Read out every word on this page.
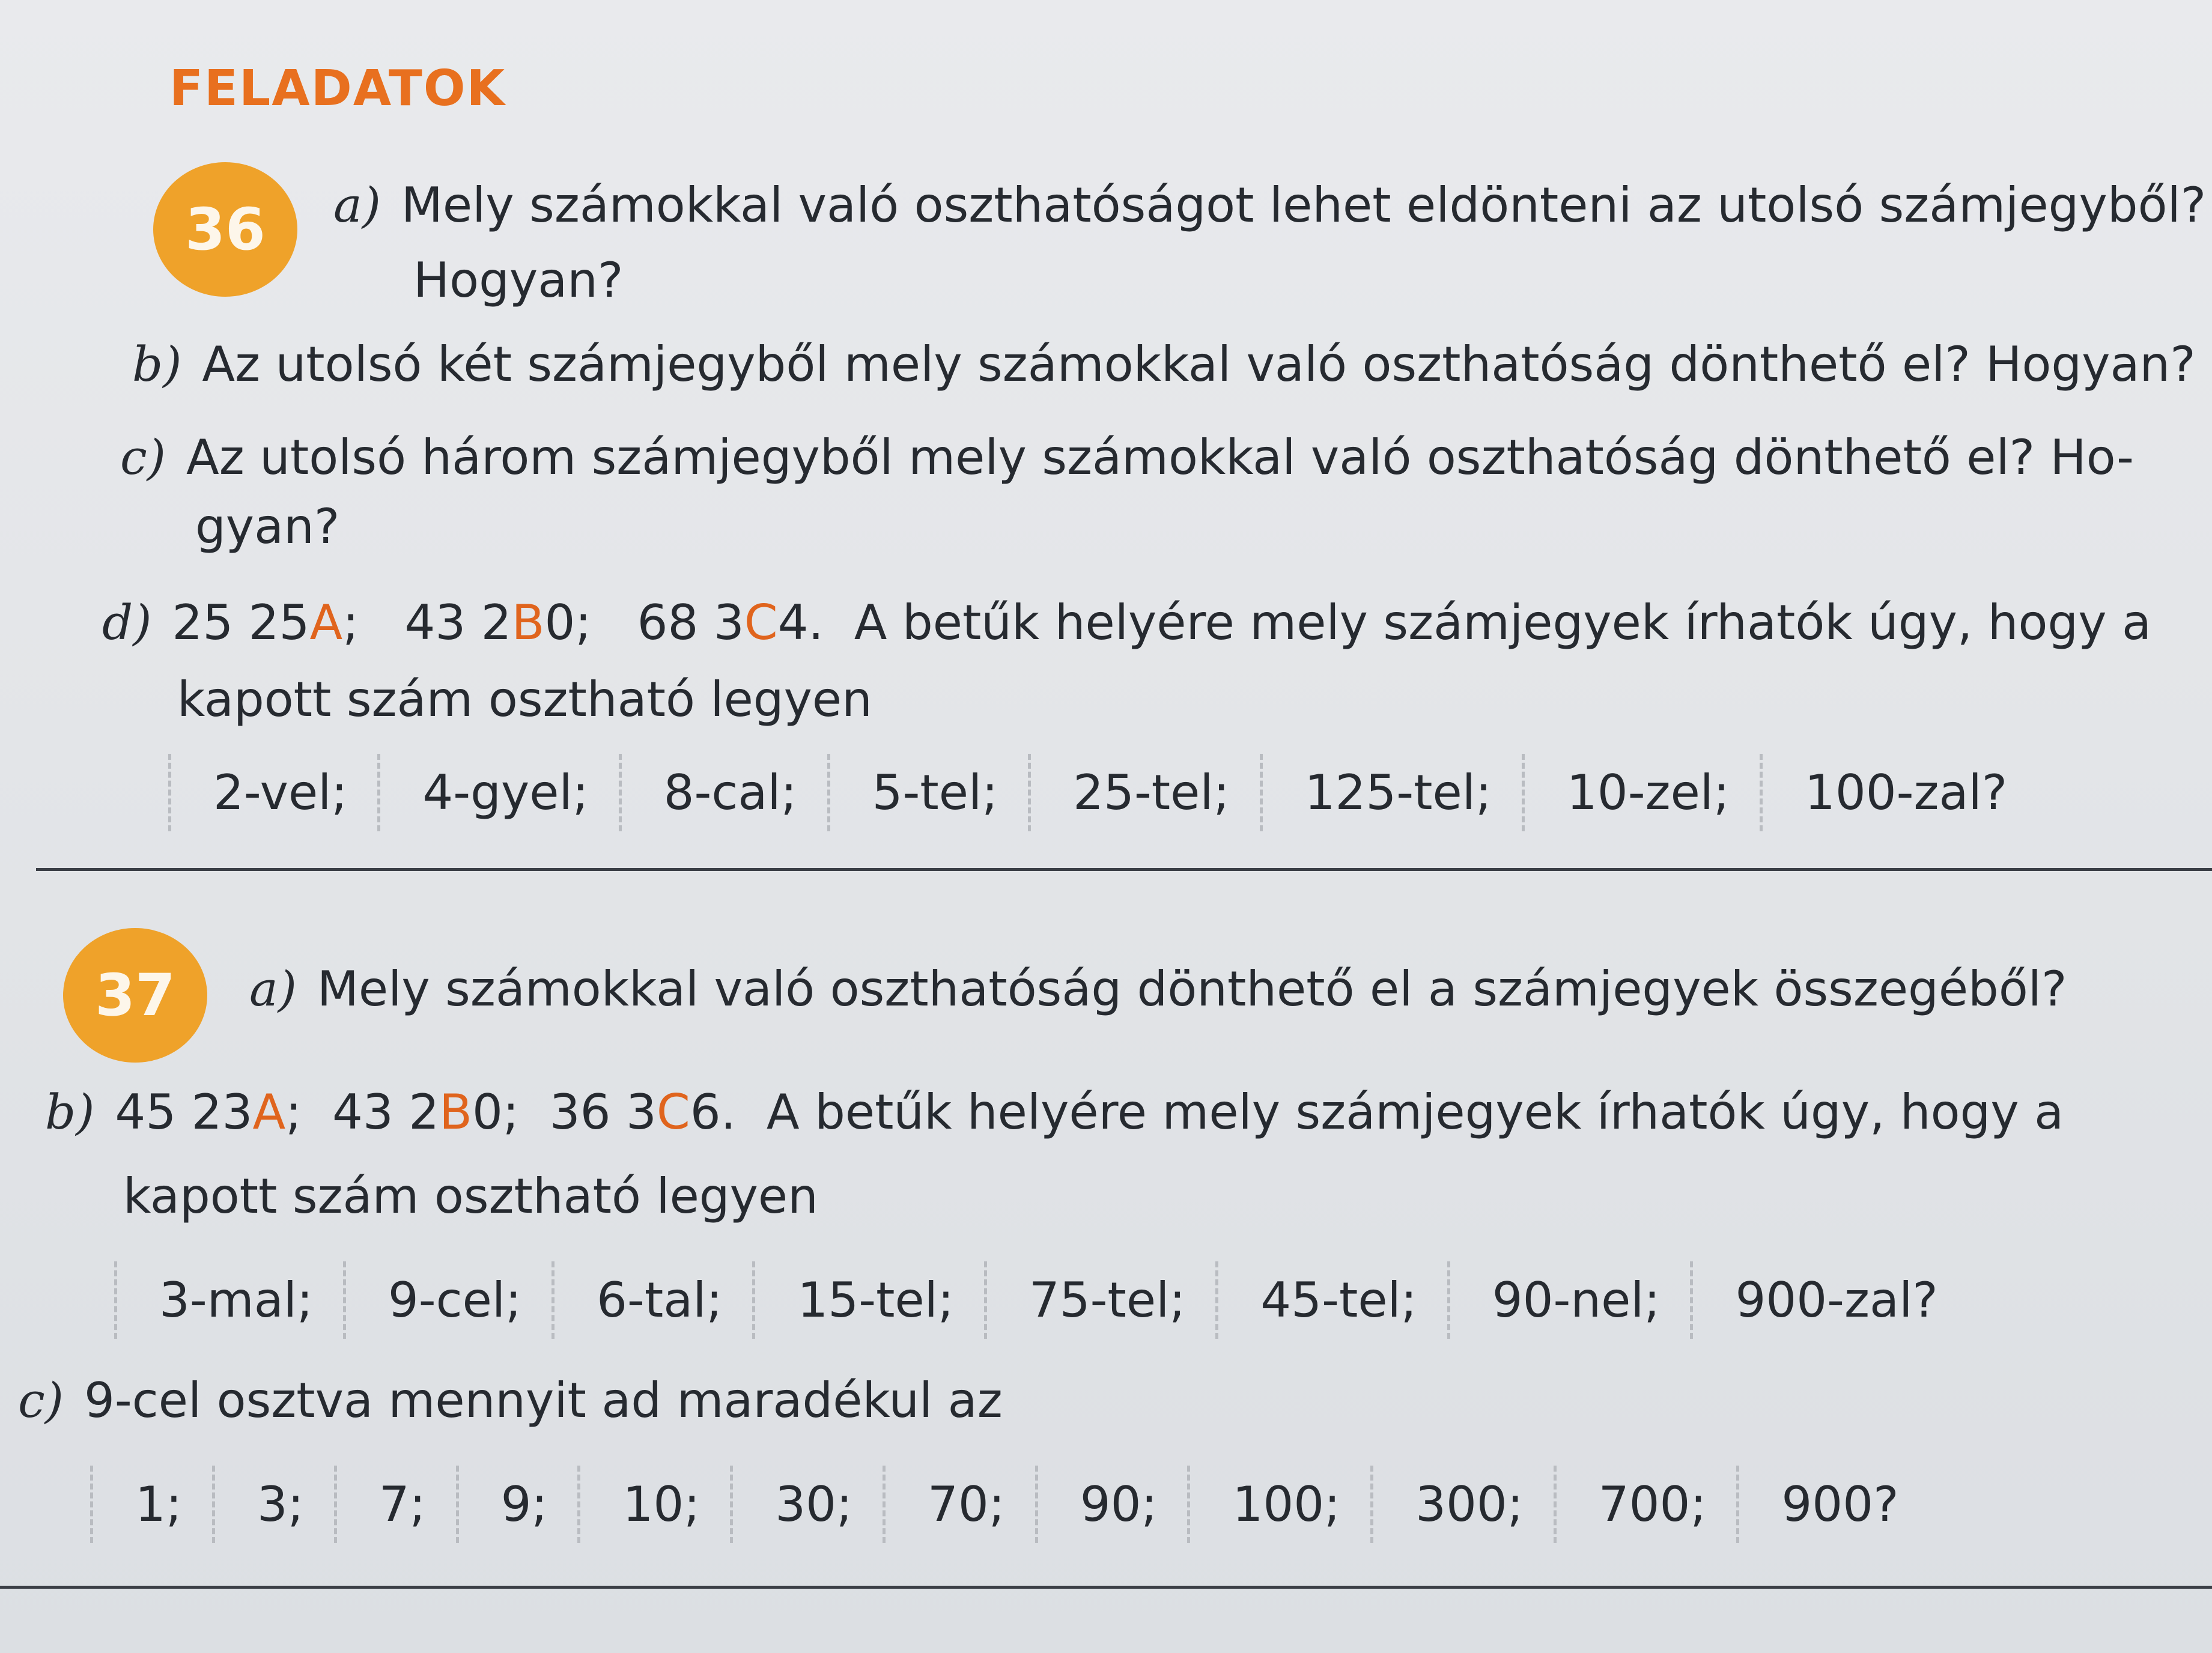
FELADATOK
36	a) Mely számokkal való oszthatóságot lehet eldönteni az utolsó számjegyből?
Hogyan?
b) Az utolsó két számjegyből mely számokkal való oszthatóság dönthető el? Hogyan?
c) Az utolsó három számjegyből mely számokkal való oszthatóság dönthető el? Ho-
gyan?
d) 25 25A; 43 2B0; 68 3C4. A betűk helyére mely számjegyek írhatók úgy, hogy a
kapott szám osztható legyen
2-vel;	4-gyel;	8-cal;	5-tel;	25-tel;	125-tel;	10-zel;	100-zal?
37	a) Mely számokkal való oszthatóság dönthető el a számjegyek összegéből?
b) 45 23A; 43 2B0; 36 3C6. A betűk helyére mely számjegyek írhatók úgy, hogy a
kapott szám osztható legyen
3-mal;	9-cel;	6-tal;	15-tel;	75-tel;	45-tel;	90-nel;	900-zal?
c) 9-cel osztva mennyit ad maradékul az
1;	3;	7;	9;	10;	30;	70;	90;	100;	300;	700;	900?
